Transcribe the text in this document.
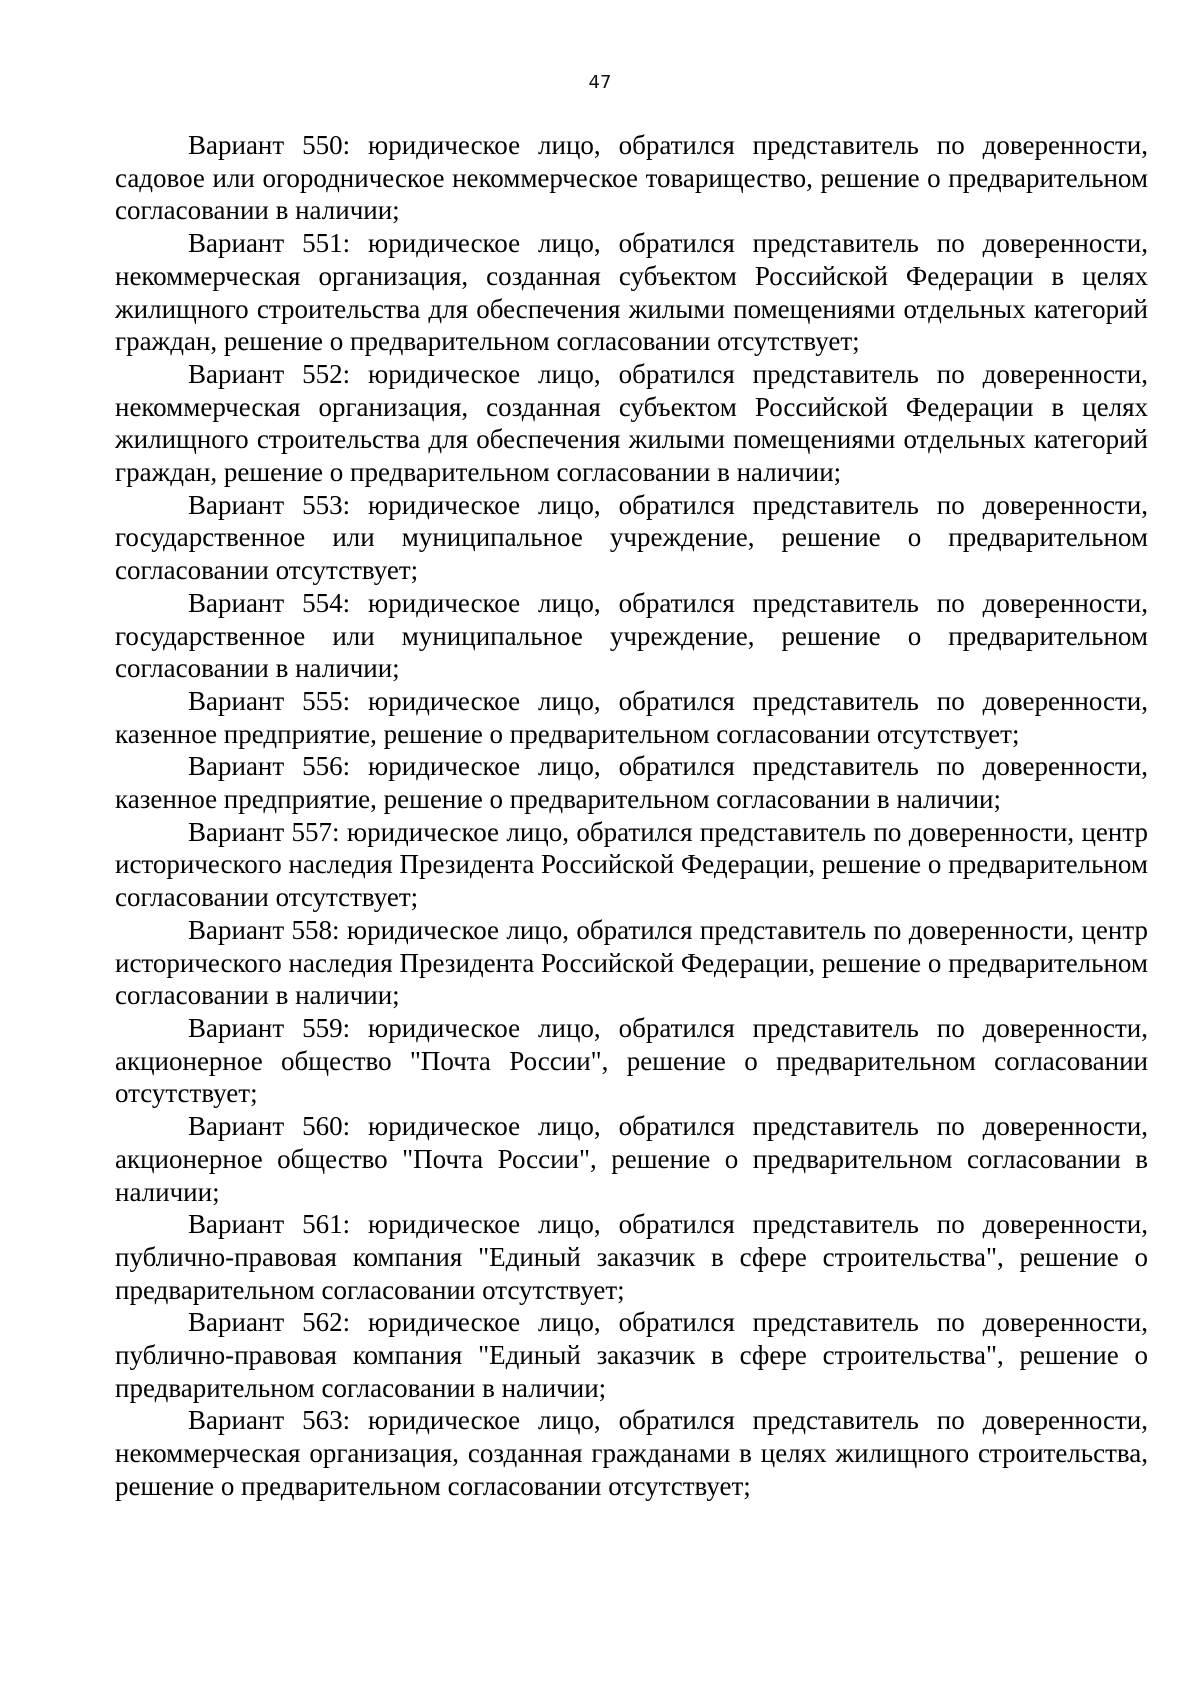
47

Вариант 550: юридическое лицо, обратился представитель по доверенности, садовое или огородническое некоммерческое товарищество, решение о предварительном согласовании в наличии;

Вариант 551: юридическое лицо, обратился представитель по доверенности, некоммерческая организация, созданная субъектом Российской Федерации в целях жилищного строительства для обеспечения жилыми помещениями отдельных категорий граждан, решение о предварительном согласовании отсутствует;

Вариант 552: юридическое лицо, обратился представитель по доверенности, некоммерческая организация, созданная субъектом Российской Федерации в целях жилищного строительства для обеспечения жилыми помещениями отдельных категорий граждан, решение о предварительном согласовании в наличии;

Вариант 553: юридическое лицо, обратился представитель по доверенности, государственное или муниципальное учреждение, решение о предварительном согласовании отсутствует;

Вариант 554: юридическое лицо, обратился представитель по доверенности, государственное или муниципальное учреждение, решение о предварительном согласовании в наличии;

Вариант 555: юридическое лицо, обратился представитель по доверенности, казенное предприятие, решение о предварительном согласовании отсутствует;

Вариант 556: юридическое лицо, обратился представитель по доверенности, казенное предприятие, решение о предварительном согласовании в наличии;

Вариант 557: юридическое лицо, обратился представитель по доверенности, центр исторического наследия Президента Российской Федерации, решение о предварительном согласовании отсутствует;

Вариант 558: юридическое лицо, обратился представитель по доверенности, центр исторического наследия Президента Российской Федерации, решение о предварительном согласовании в наличии;

Вариант 559: юридическое лицо, обратился представитель по доверенности, акционерное общество "Почта России", решение о предварительном согласовании отсутствует;

Вариант 560: юридическое лицо, обратился представитель по доверенности, акционерное общество "Почта России", решение о предварительном согласовании в наличии;

Вариант 561: юридическое лицо, обратился представитель по доверенности, публично-правовая компания "Единый заказчик в сфере строительства", решение о предварительном согласовании отсутствует;

Вариант 562: юридическое лицо, обратился представитель по доверенности, публично-правовая компания "Единый заказчик в сфере строительства", решение о предварительном согласовании в наличии;

Вариант 563: юридическое лицо, обратился представитель по доверенности, некоммерческая организация, созданная гражданами в целях жилищного строительства, решение о предварительном согласовании отсутствует;
